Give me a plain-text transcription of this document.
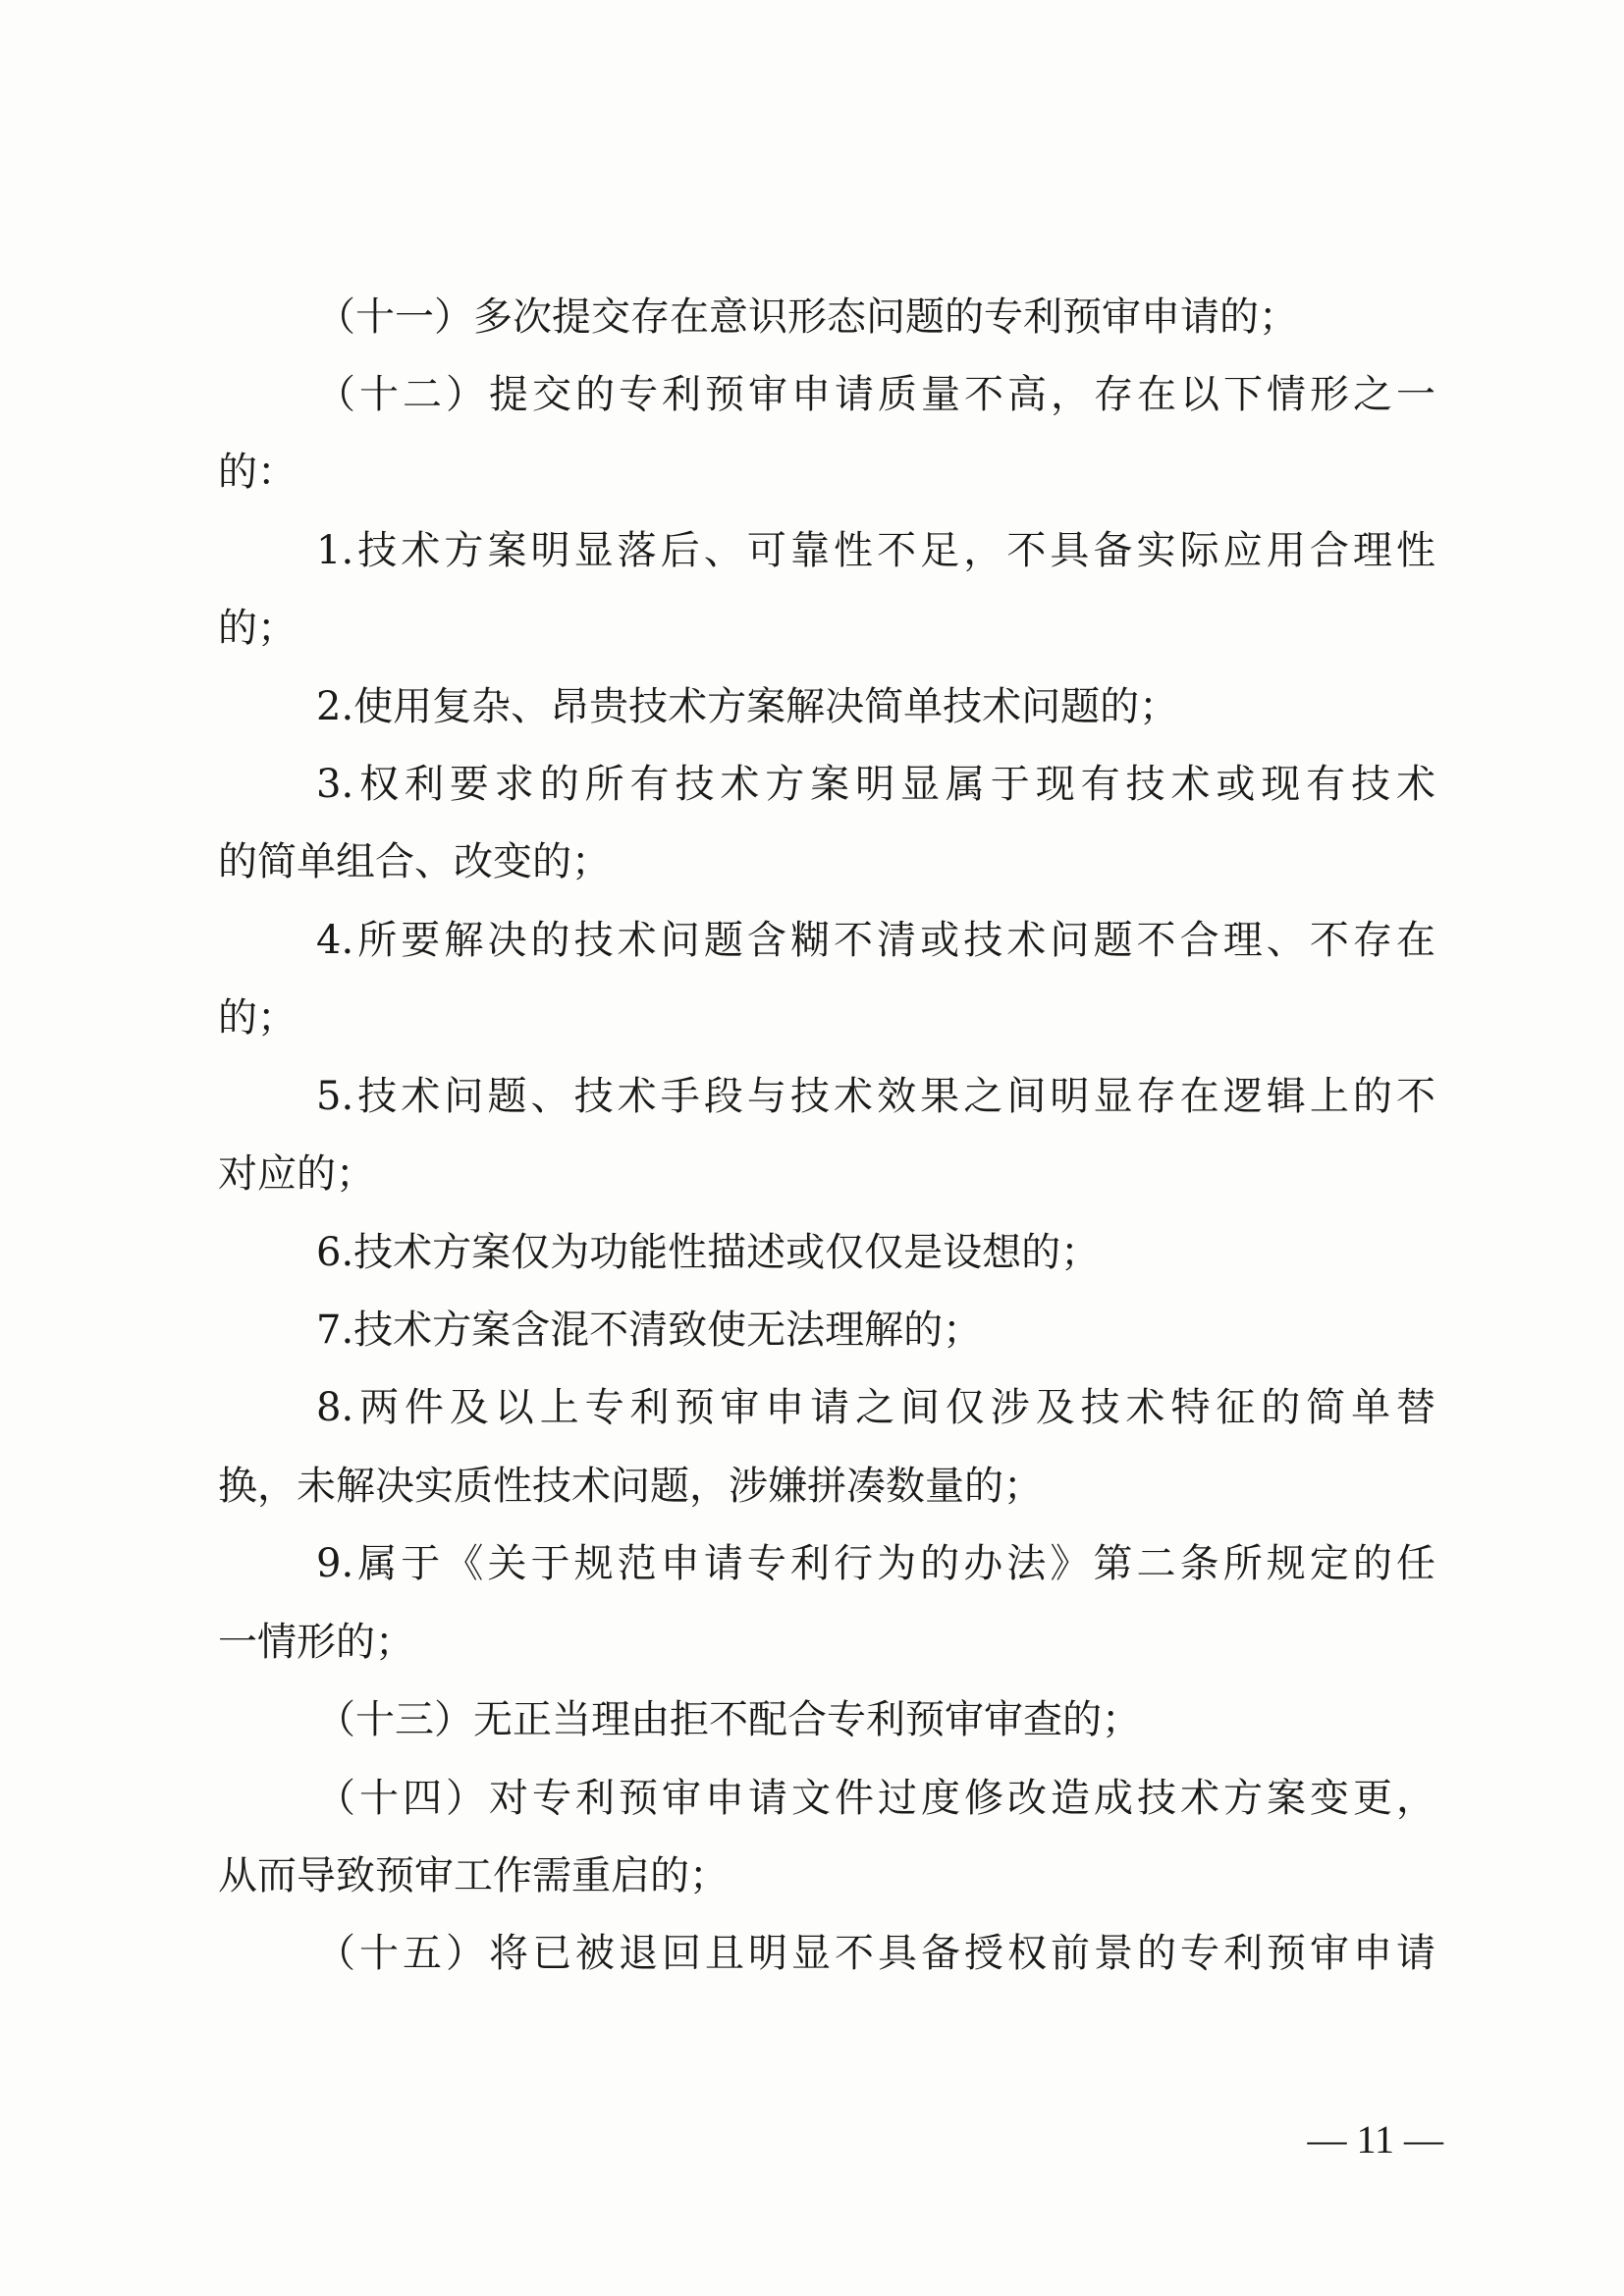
（十一）多次提交存在意识形态问题的专利预审申请的；
（十二）提交的专利预审申请质量不高，存在以下情形之一
的：
1.技术方案明显落后、可靠性不足，不具备实际应用合理性
的；
2.使用复杂、昂贵技术方案解决简单技术问题的；
3.权利要求的所有技术方案明显属于现有技术或现有技术
的简单组合、改变的；
4.所要解决的技术问题含糊不清或技术问题不合理、不存在
的；
5.技术问题、技术手段与技术效果之间明显存在逻辑上的不
对应的；
6.技术方案仅为功能性描述或仅仅是设想的；
7.技术方案含混不清致使无法理解的；
8.两件及以上专利预审申请之间仅涉及技术特征的简单替
换，未解决实质性技术问题，涉嫌拼凑数量的；
9.属于《关于规范申请专利行为的办法》第二条所规定的任
一情形的；
（十三）无正当理由拒不配合专利预审审查的；
（十四）对专利预审申请文件过度修改造成技术方案变更，
从而导致预审工作需重启的；
（十五）将已被退回且明显不具备授权前景的专利预审申请
— 11 —
